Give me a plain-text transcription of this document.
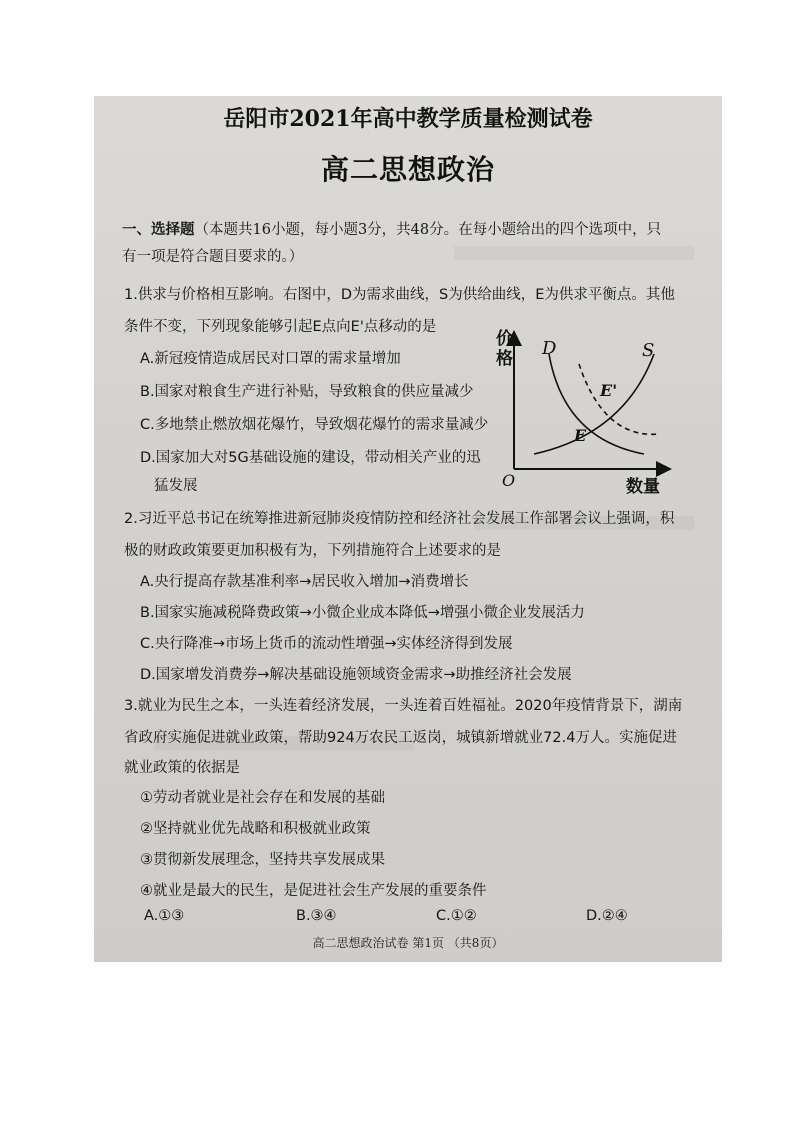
岳阳市2021年高中教学质量检测试卷
高二思想政治
一、选择题（本题共16小题，每小题3分，共48分。在每小题给出的四个选项中，只
有一项是符合题目要求的。）
1.供求与价格相互影响。右图中，D为需求曲线，S为供给曲线，E为供求平衡点。其他
条件不变，下列现象能够引起E点向E'点移动的是
A.新冠疫情造成居民对口罩的需求量增加
B.国家对粮食生产进行补贴，导致粮食的供应量减少
C.多地禁止燃放烟花爆竹，导致烟花爆竹的需求量减少
D.国家加大对5G基础设施的建设，带动相关产业的迅
猛发展
价
格
数量
O
D	S
E'
E
2.习近平总书记在统筹推进新冠肺炎疫情防控和经济社会发展工作部署会议上强调，积
极的财政政策要更加积极有为，下列措施符合上述要求的是
A.央行提高存款基准利率→居民收入增加→消费增长
B.国家实施减税降费政策→小微企业成本降低→增强小微企业发展活力
C.央行降准→市场上货币的流动性增强→实体经济得到发展
D.国家增发消费券→解决基础设施领域资金需求→助推经济社会发展
3.就业为民生之本，一头连着经济发展，一头连着百姓福祉。2020年疫情背景下，湖南
省政府实施促进就业政策，帮助924万农民工返岗，城镇新增就业72.4万人。实施促进
就业政策的依据是
①劳动者就业是社会存在和发展的基础
②坚持就业优先战略和积极就业政策
③贯彻新发展理念，坚持共享发展成果
④就业是最大的民生，是促进社会生产发展的重要条件
A.①③	B.③④	C.①②	D.②④
高二思想政治试卷 第1页 （共8页）
